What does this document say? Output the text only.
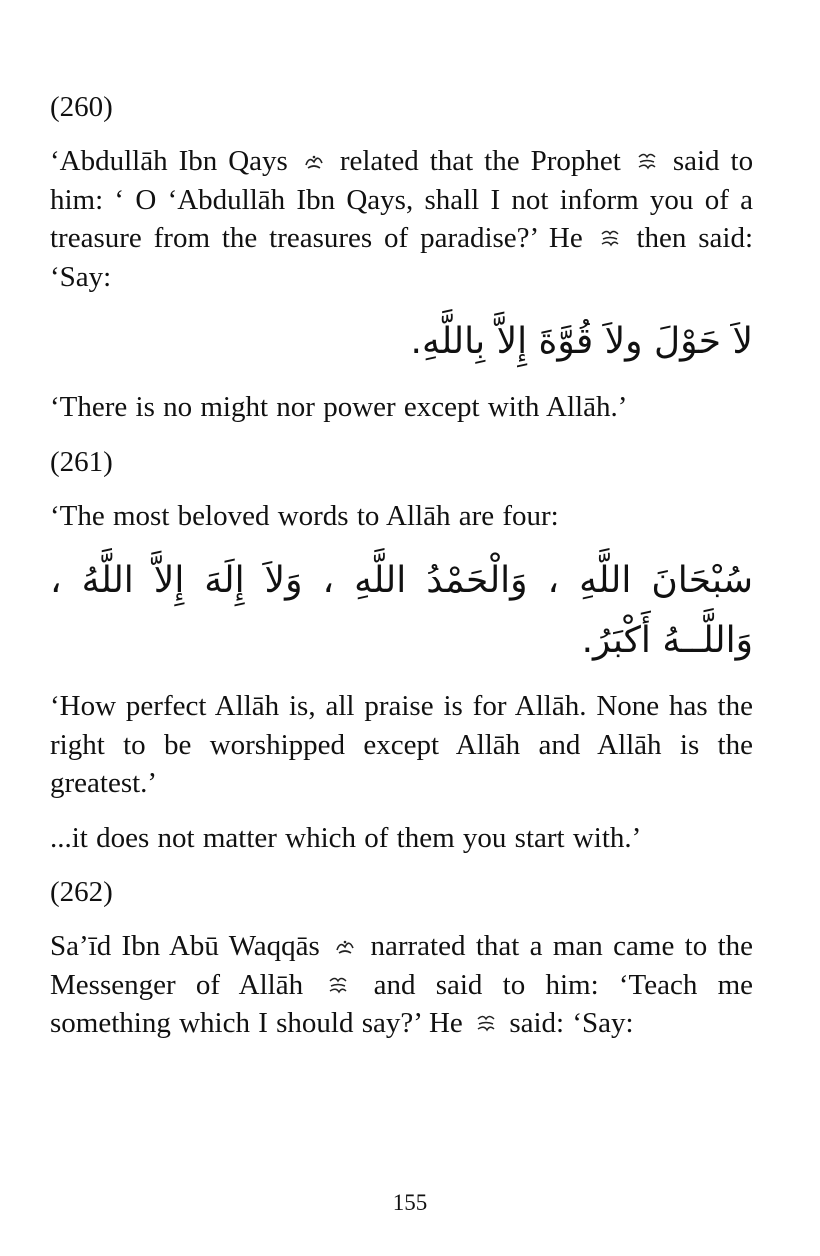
(260)

‘Abdullāh Ibn Qays related that the Prophet said to him: ‘ O ‘Abdullāh Ibn Qays, shall I not inform you of a treasure from the treasures of paradise?’ He then said: ‘Say:

لاَ حَوْلَ ولاَ قُوَّةَ إِلاَّ بِاللَّهِ.

‘There is no might nor power except with Allāh.’

(261)

‘The most beloved words to Allāh are four:

سُبْحَانَ اللَّهِ ، وَالْحَمْدُ اللَّهِ ، وَلاَ إِلَهَ إِلاَّ اللَّهُ ، وَاللَّــهُ أَكْبَرُ.

‘How perfect Allāh is, all praise is for Allāh. None has the right to be worshipped except Allāh and Allāh is the greatest.’

...it does not matter which of them you start with.’

(262)

Sa’īd Ibn Abū Waqqās narrated that a man came to the Messenger of Allāh and said to him: ‘Teach me something which I should say?’ He said: ‘Say:

155
